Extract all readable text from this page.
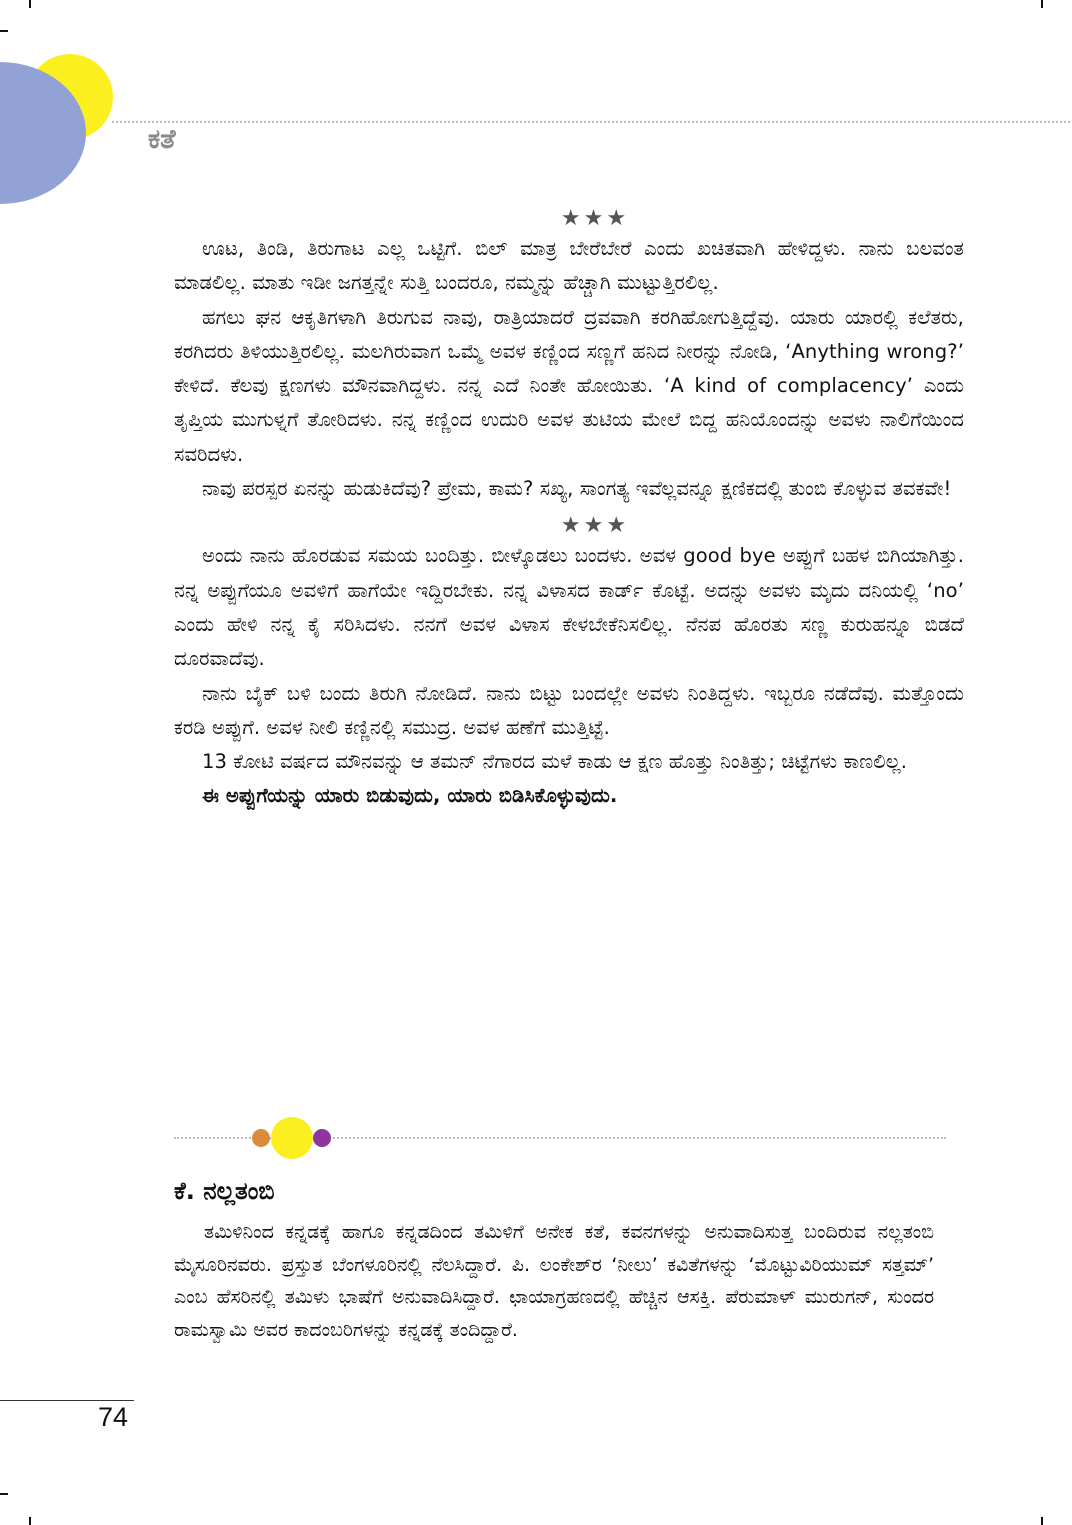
ಕತೆ
★★★

ಊಟ, ತಿಂಡಿ, ತಿರುಗಾಟ ಎಲ್ಲ ಒಟ್ಟಿಗೆ. ಬಿಲ್ ಮಾತ್ರ ಬೇರೆಬೇರೆ ಎಂದು ಖಚಿತವಾಗಿ ಹೇಳಿದ್ದಳು. ನಾನು ಬಲವಂತ ಮಾಡಲಿಲ್ಲ. ಮಾತು ಇಡೀ ಜಗತ್ತನ್ನೇ ಸುತ್ತಿ ಬಂದರೂ, ನಮ್ಮನ್ನು ಹೆಚ್ಚಾಗಿ ಮುಟ್ಟುತ್ತಿರಲಿಲ್ಲ.

ಹಗಲು ಘನ ಆಕೃತಿಗಳಾಗಿ ತಿರುಗುವ ನಾವು, ರಾತ್ರಿಯಾದರೆ ದ್ರವವಾಗಿ ಕರಗಿಹೋಗುತ್ತಿದ್ದೆವು. ಯಾರು ಯಾರಲ್ಲಿ ಕಲೆತರು, ಕರಗಿದರು ತಿಳಿಯುತ್ತಿರಲಿಲ್ಲ. ಮಲಗಿರುವಾಗ ಒಮ್ಮೆ ಅವಳ ಕಣ್ಣಿಂದ ಸಣ್ಣಗೆ ಹನಿದ ನೀರನ್ನು ನೋಡಿ, ‘Anything wrong?’ ಕೇಳಿದೆ. ಕೆಲವು ಕ್ಷಣಗಳು ಮೌನವಾಗಿದ್ದಳು. ನನ್ನ ಎದೆ ನಿಂತೇ ಹೋಯಿತು. ‘A kind of complacency’ ಎಂದು ತೃಪ್ತಿಯ ಮುಗುಳ್ನಗೆ ತೋರಿದಳು. ನನ್ನ ಕಣ್ಣಿಂದ ಉದುರಿ ಅವಳ ತುಟಿಯ ಮೇಲೆ ಬಿದ್ದ ಹನಿಯೊಂದನ್ನು ಅವಳು ನಾಲಿಗೆಯಿಂದ ಸವರಿದಳು.

ನಾವು ಪರಸ್ಪರ ಏನನ್ನು ಹುಡುಕಿದೆವು? ಪ್ರೇಮ, ಕಾಮ? ಸಖ್ಯ, ಸಾಂಗತ್ಯ ಇವೆಲ್ಲವನ್ನೂ ಕ್ಷಣಿಕದಲ್ಲಿ ತುಂಬಿ ಕೊಳ್ಳುವ ತವಕವೇ!

★★★

ಅಂದು ನಾನು ಹೊರಡುವ ಸಮಯ ಬಂದಿತ್ತು. ಬೀಳ್ಕೊಡಲು ಬಂದಳು. ಅವಳ good bye ಅಪ್ಪುಗೆ ಬಹಳ ಬಿಗಿಯಾಗಿತ್ತು. ನನ್ನ ಅಪ್ಪುಗೆಯೂ ಅವಳಿಗೆ ಹಾಗೆಯೇ ಇದ್ದಿರಬೇಕು. ನನ್ನ ವಿಳಾಸದ ಕಾರ್ಡ್ ಕೊಟ್ಟೆ. ಅದನ್ನು ಅವಳು ಮೃದು ದನಿಯಲ್ಲಿ ‘no’ ಎಂದು ಹೇಳಿ ನನ್ನ ಕೈ ಸರಿಸಿದಳು. ನನಗೆ ಅವಳ ವಿಳಾಸ ಕೇಳಬೇಕೆನಿಸಲಿಲ್ಲ. ನೆನಪ ಹೊರತು ಸಣ್ಣ ಕುರುಹನ್ನೂ ಬಿಡದೆ ದೂರವಾದೆವು.

ನಾನು ಬೈಕ್ ಬಳಿ ಬಂದು ತಿರುಗಿ ನೋಡಿದೆ. ನಾನು ಬಿಟ್ಟು ಬಂದಲ್ಲೇ ಅವಳು ನಿಂತಿದ್ದಳು. ಇಬ್ಬರೂ ನಡೆದೆವು. ಮತ್ತೊಂದು ಕರಡಿ ಅಪ್ಪುಗೆ. ಅವಳ ನೀಲಿ ಕಣ್ಣಿನಲ್ಲಿ ಸಮುದ್ರ. ಅವಳ ಹಣೆಗೆ ಮುತ್ತಿಟ್ಟೆ.

13 ಕೋಟಿ ವರ್ಷದ ಮೌನವನ್ನು ಆ ತಮನ್ ನೆಗಾರದ ಮಳೆ ಕಾಡು ಆ ಕ್ಷಣ ಹೊತ್ತು ನಿಂತಿತ್ತು; ಚಿಟ್ಟೆಗಳು ಕಾಣಲಿಲ್ಲ.

ಈ ಅಪ್ಪುಗೆಯನ್ನು ಯಾರು ಬಿಡುವುದು, ಯಾರು ಬಿಡಿಸಿಕೊಳ್ಳುವುದು.

ಕೆ. ನಲ್ಲತಂಬಿ

ತಮಿಳಿನಿಂದ ಕನ್ನಡಕ್ಕೆ ಹಾಗೂ ಕನ್ನಡದಿಂದ ತಮಿಳಿಗೆ ಅನೇಕ ಕತೆ, ಕವನಗಳನ್ನು ಅನುವಾದಿಸುತ್ತ ಬಂದಿರುವ ನಲ್ಲತಂಬಿ ಮೈಸೂರಿನವರು. ಪ್ರಸ್ತುತ ಬೆಂಗಳೂರಿನಲ್ಲಿ ನೆಲಸಿದ್ದಾರೆ. ಪಿ. ಲಂಕೇಶ್‌ರ ‘ನೀಲು’ ಕವಿತೆಗಳನ್ನು ‘ಮೊಟ್ಟುವಿರಿಯುಮ್ ಸತ್ತಮ್’ ಎಂಬ ಹೆಸರಿನಲ್ಲಿ ತಮಿಳು ಭಾಷೆಗೆ ಅನುವಾದಿಸಿದ್ದಾರೆ. ಛಾಯಾಗ್ರಹಣದಲ್ಲಿ ಹೆಚ್ಚಿನ ಆಸಕ್ತಿ. ಪೆರುಮಾಳ್ ಮುರುಗನ್, ಸುಂದರ ರಾಮಸ್ವಾಮಿ ಅವರ ಕಾದಂಬರಿಗಳನ್ನು ಕನ್ನಡಕ್ಕೆ ತಂದಿದ್ದಾರೆ.

74
